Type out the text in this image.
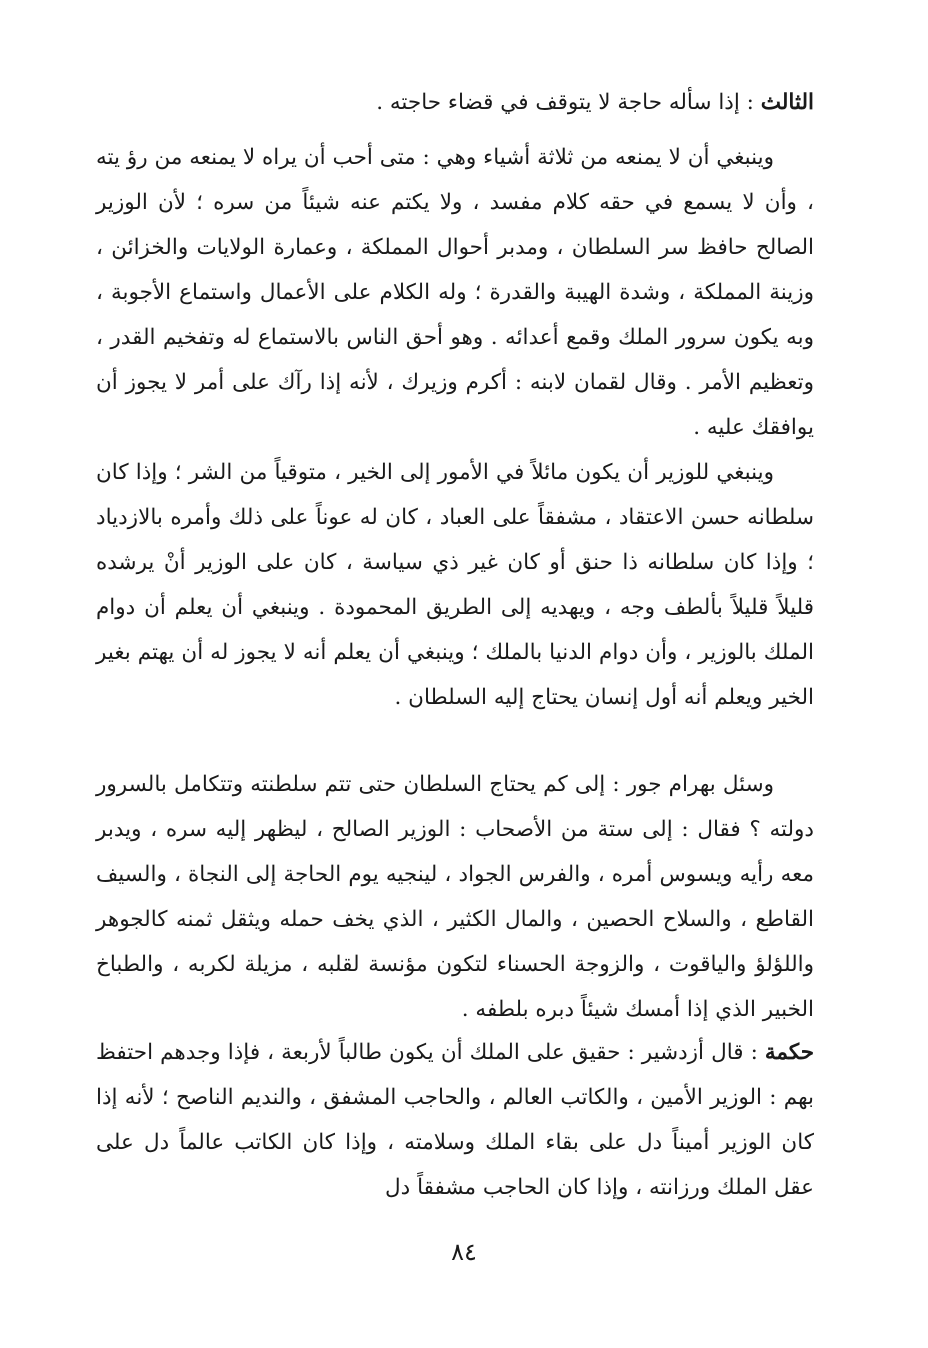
الثالث : إذا سأله حاجة لا يتوقف في قضاء حاجته .

وينبغي أن لا يمنعه من ثلاثة أشياء وهي : متى أحب أن يراه لا يمنعه من رؤ يته ، وأن لا يسمع في حقه كلام مفسد ، ولا يكتم عنه شيئاً من سره ؛ لأن الوزير الصالح حافظ سر السلطان ، ومدبر أحوال المملكة ، وعمارة الولايات والخزائن ، وزينة المملكة ، وشدة الهيبة والقدرة ؛ وله الكلام على الأعمال واستماع الأجوبة ، وبه يكون سرور الملك وقمع أعدائه . وهو أحق الناس بالاستماع له وتفخيم القدر ، وتعظيم الأمر . وقال لقمان لابنه : أكرم وزيرك ، لأنه إذا رآك على أمر لا يجوز أن يوافقك عليه .

وينبغي للوزير أن يكون مائلاً في الأمور إلى الخير ، متوقياً من الشر ؛ وإذا كان سلطانه حسن الاعتقاد ، مشفقاً على العباد ، كان له عوناً على ذلك وأمره بالازدياد ؛ وإذا كان سلطانه ذا حنق أو كان غير ذي سياسة ، كان على الوزير أنْ يرشده قليلاً قليلاً بألطف وجه ، ويهديه إلى الطريق المحمودة . وينبغي أن يعلم أن دوام الملك بالوزير ، وأن دوام الدنيا بالملك ؛ وينبغي أن يعلم أنه لا يجوز له أن يهتم بغير الخير ويعلم أنه أول إنسان يحتاج إليه السلطان .

وسئل بهرام جور : إلى كم يحتاج السلطان حتى تتم سلطنته وتتكامل بالسرور دولته ؟ فقال : إلى ستة من الأصحاب : الوزير الصالح ، ليظهر إليه سره ، ويدبر معه رأيه ويسوس أمره ، والفرس الجواد ، لينجيه يوم الحاجة إلى النجاة ، والسيف القاطع ، والسلاح الحصين ، والمال الكثير ، الذي يخف حمله ويثقل ثمنه كالجوهر واللؤلؤ والياقوت ، والزوجة الحسناء لتكون مؤنسة لقلبه ، مزيلة لكربه ، والطباخ الخبير الذي إذا أمسك شيئاً دبره بلطفه .

حكمة : قال أزدشير : حقيق على الملك أن يكون طالباً لأربعة ، فإذا وجدهم احتفظ بهم : الوزير الأمين ، والكاتب العالم ، والحاجب المشفق ، والنديم الناصح ؛ لأنه إذا كان الوزير أميناً دل على بقاء الملك وسلامته ، وإذا كان الكاتب عالماً دل على عقل الملك ورزانته ، وإذا كان الحاجب مشفقاً دل

٨٤
